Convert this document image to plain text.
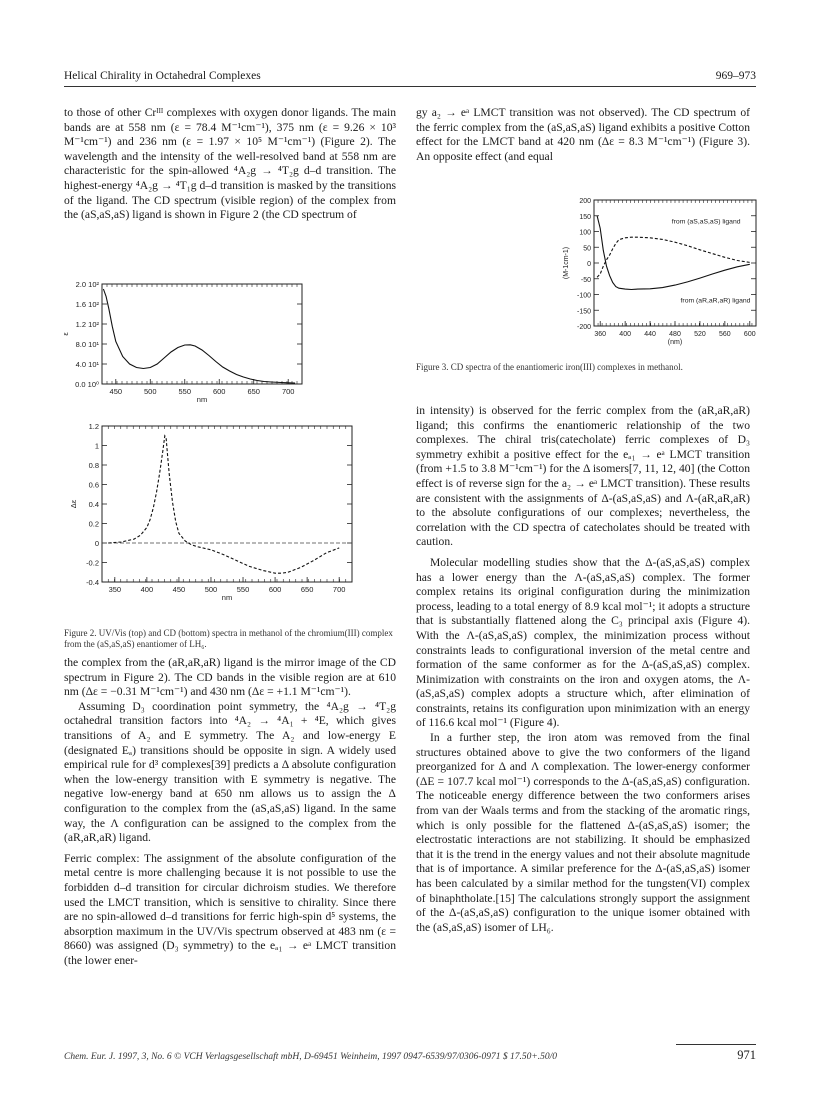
Helical Chirality in Octahedral Complexes	969–973

to those of other Crᴵᴵᴵ complexes with oxygen donor ligands. The main bands are at 558 nm (ε = 78.4 M⁻¹cm⁻¹), 375 nm (ε = 9.26 × 10³ M⁻¹cm⁻¹) and 236 nm (ε = 1.97 × 10⁵ M⁻¹cm⁻¹) (Figure 2). The wavelength and the intensity of the well-resolved band at 558 nm are characteristic for the spin-allowed ⁴A₂g → ⁴T₂g d–d transition. The highest-energy ⁴A₂g → ⁴T₁g d–d transition is masked by the transitions of the ligand. The CD spectrum (visible region) of the complex from the (aS,aS,aS) ligand is shown in Figure 2 (the CD spectrum of

450	500	550	600	650	700
0.0 10⁰
4.0 10¹
8.0 10¹
1.2 10²
1.6 10²
2.0 10²
nm
ε
350	400	450	500	550	600	650	700
-0.4
-0.2
0
0.2
0.4
0.6
0.8
1
1.2
nm
Δε
Figure 2. UV/Vis (top) and CD (bottom) spectra in methanol of the chromium(III) complex from the (aS,aS,aS) enantiomer of LH₆.

the complex from the (aR,aR,aR) ligand is the mirror image of the CD spectrum in Figure 2). The CD bands in the visible region are at 610 nm (Δε = −0.31 M⁻¹cm⁻¹) and 430 nm (Δε = +1.1 M⁻¹cm⁻¹).

Assuming D₃ coordination point symmetry, the ⁴A₂g → ⁴T₂g octahedral transition factors into ⁴A₂ → ⁴A₁ + ⁴E, which gives transitions of A₂ and E symmetry. The A₂ and low-energy E (designated Eₐ) transitions should be opposite in sign. A widely used empirical rule for d³ complexes[39] predicts a Δ absolute configuration when the low-energy transition with E symmetry is negative. The negative low-energy band at 650 nm allows us to assign the Δ configuration to the complex from the (aS,aS,aS) ligand. In the same way, the Λ configuration can be assigned to the complex from the (aR,aR,aR) ligand.

Ferric complex: The assignment of the absolute configuration of the metal centre is more challenging because it is not possible to use the forbidden d–d transition for circular dichroism studies. We therefore used the LMCT transition, which is sensitive to chirality. Since there are no spin-allowed d–d transitions for ferric high-spin d⁵ systems, the absorption maximum in the UV/Vis spectrum observed at 483 nm (ε = 8660) was assigned (D₃ symmetry) to the eₐ₁ → eᵃ LMCT transition (the lower ener-

gy a₂ → eᵃ LMCT transition was not observed). The CD spectrum of the ferric complex from the (aS,aS,aS) ligand exhibits a positive Cotton effect for the LMCT band at 420 nm (Δε = 8.3 M⁻¹cm⁻¹) (Figure 3). An opposite effect (and equal

360 400 440 480 520 560 600
-200
-150
-100
-50
0
50
100
150
200
(nm)
(M-1cm-1)
from (aS,aS,aS) ligand
from (aR,aR,aR) ligand
Figure 3. CD spectra of the enantiomeric iron(III) complexes in methanol.

in intensity) is observed for the ferric complex from the (aR,aR,aR) ligand; this confirms the enantiomeric relationship of the two complexes. The chiral tris(catecholate) ferric complexes of D₃ symmetry exhibit a positive effect for the eₐ₁ → eᵃ LMCT transition (from +1.5 to 3.8 M⁻¹cm⁻¹) for the Δ isomers[7, 11, 12, 40] (the Cotton effect is of reverse sign for the a₂ → eᵃ LMCT transition). These results are consistent with the assignments of Δ-(aS,aS,aS) and Λ-(aR,aR,aR) to the absolute configurations of our complexes; nevertheless, the correlation with the CD spectra of catecholates should be treated with caution.

Molecular modelling studies show that the Δ-(aS,aS,aS) complex has a lower energy than the Λ-(aS,aS,aS) complex. The former complex retains its original configuration during the minimization process, leading to a total energy of 8.9 kcal mol⁻¹; it adopts a structure that is substantially flattened along the C₃ principal axis (Figure 4). With the Λ-(aS,aS,aS) complex, the minimization process without constraints leads to configurational inversion of the metal centre and formation of the same conformer as for the Δ-(aS,aS,aS) complex. Minimization with constraints on the iron and oxygen atoms, the Λ-(aS,aS,aS) complex adopts a structure which, after elimination of constraints, retains its configuration upon minimization with an energy of 116.6 kcal mol⁻¹ (Figure 4).

In a further step, the iron atom was removed from the final structures obtained above to give the two conformers of the ligand preorganized for Δ and Λ complexation. The lower-energy conformer (ΔE = 107.7 kcal mol⁻¹) corresponds to the Δ-(aS,aS,aS) configuration. The noticeable energy difference between the two conformers arises from van der Waals terms and from the stacking of the aromatic rings, which is only possible for the flattened Δ-(aS,aS,aS) isomer; the electrostatic interactions are not stabilizing. It should be emphasized that it is the trend in the energy values and not their absolute magnitude that is of importance. A similar preference for the Δ-(aS,aS,aS) isomer has been calculated by a similar method for the tungsten(VI) complex of binaphtholate.[15] The calculations strongly support the assignment of the Δ-(aS,aS,aS) configuration to the unique isomer obtained with the (aS,aS,aS) isomer of LH₆.

Chem. Eur. J. 1997, 3, No. 6 © VCH Verlagsgesellschaft mbH, D-69451 Weinheim, 1997 0947-6539/97/0306-0971 $ 17.50+.50/0	971
